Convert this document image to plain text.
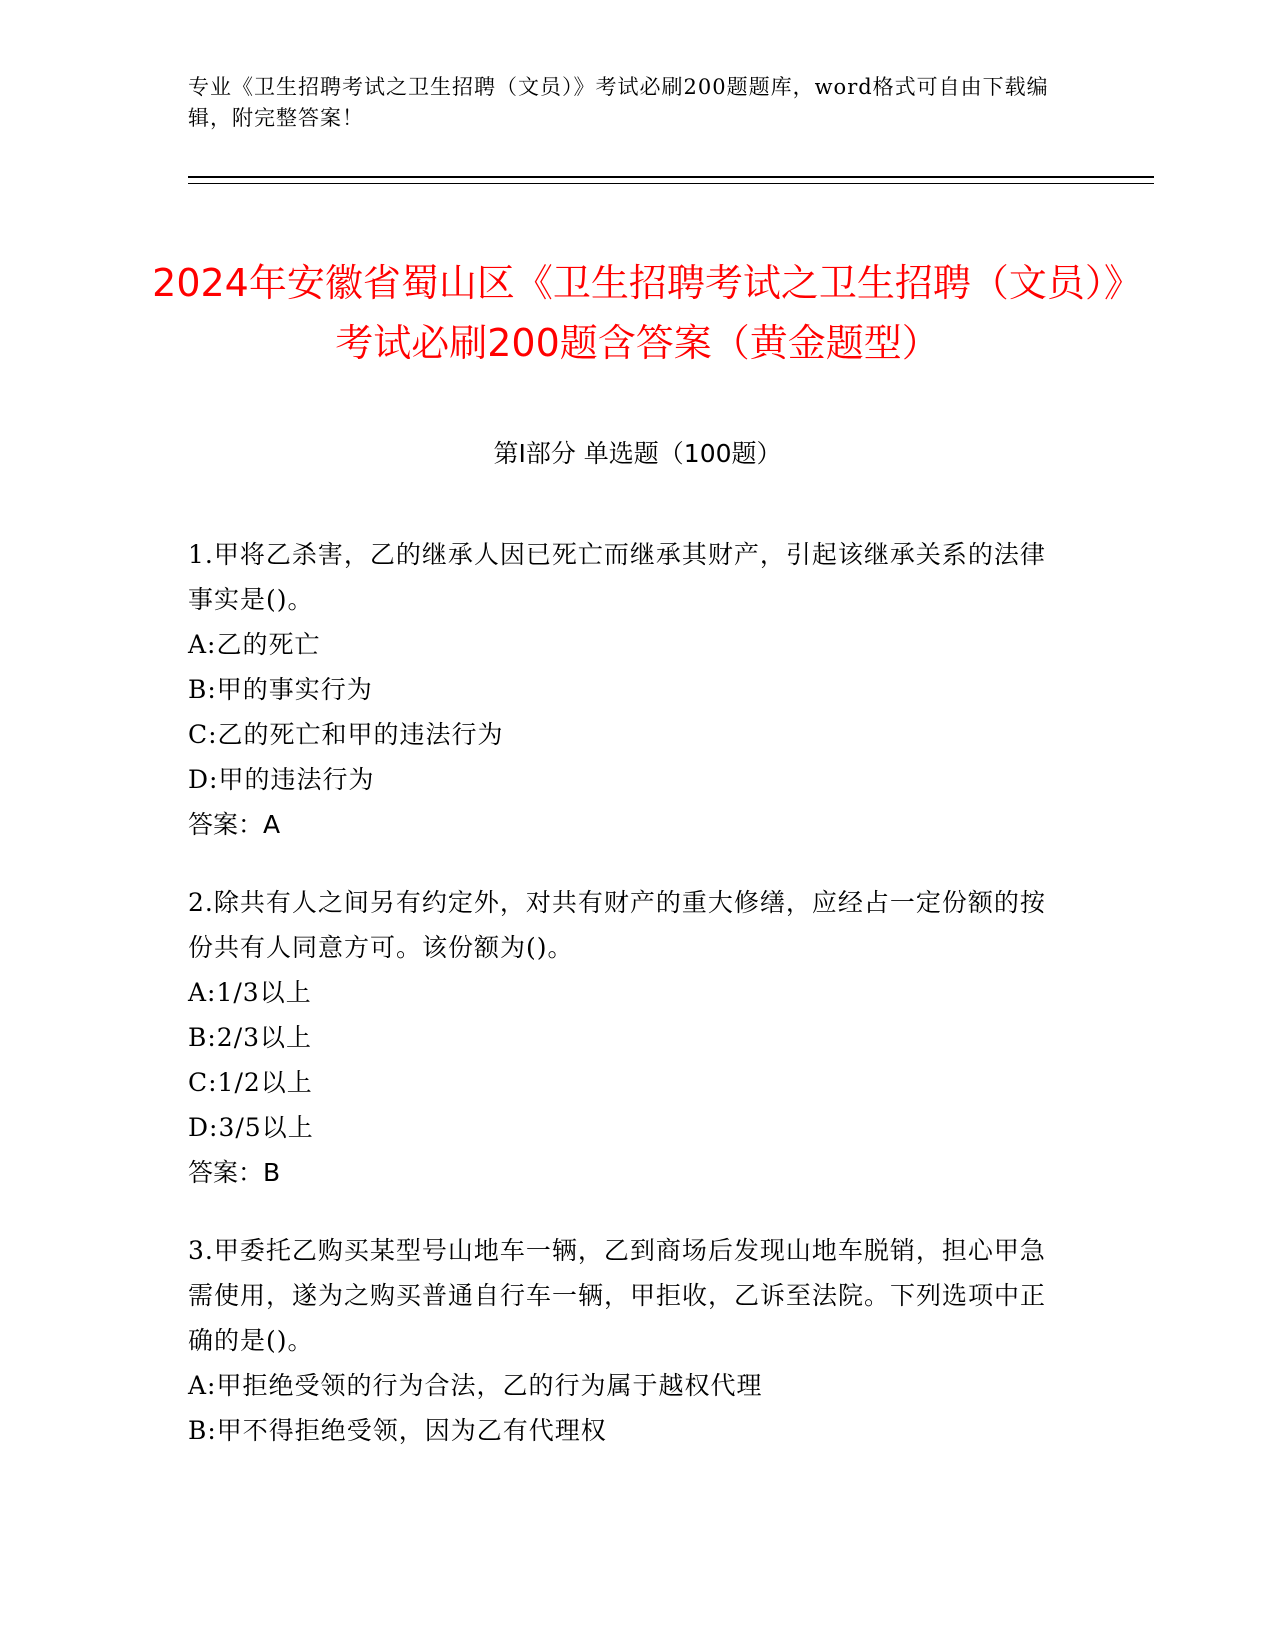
专业《卫生招聘考试之卫生招聘（文员）》考试必刷200题题库，word格式可自由下载编辑，附完整答案！
2024年安徽省蜀山区《卫生招聘考试之卫生招聘（文员）》考试必刷200题含答案（黄金题型）
第Ⅰ部分 单选题（100题）

1.甲将乙杀害，乙的继承人因已死亡而继承其财产，引起该继承关系的法律事实是()。

A:乙的死亡

B:甲的事实行为

C:乙的死亡和甲的违法行为

D:甲的违法行为

答案：A

2.除共有人之间另有约定外，对共有财产的重大修缮，应经占一定份额的按份共有人同意方可。该份额为()。

A:1/3以上

B:2/3以上

C:1/2以上

D:3/5以上

答案：B

3.甲委托乙购买某型号山地车一辆，乙到商场后发现山地车脱销，担心甲急需使用，遂为之购买普通自行车一辆，甲拒收，乙诉至法院。下列选项中正确的是()。

A:甲拒绝受领的行为合法，乙的行为属于越权代理

B:甲不得拒绝受领，因为乙有代理权
